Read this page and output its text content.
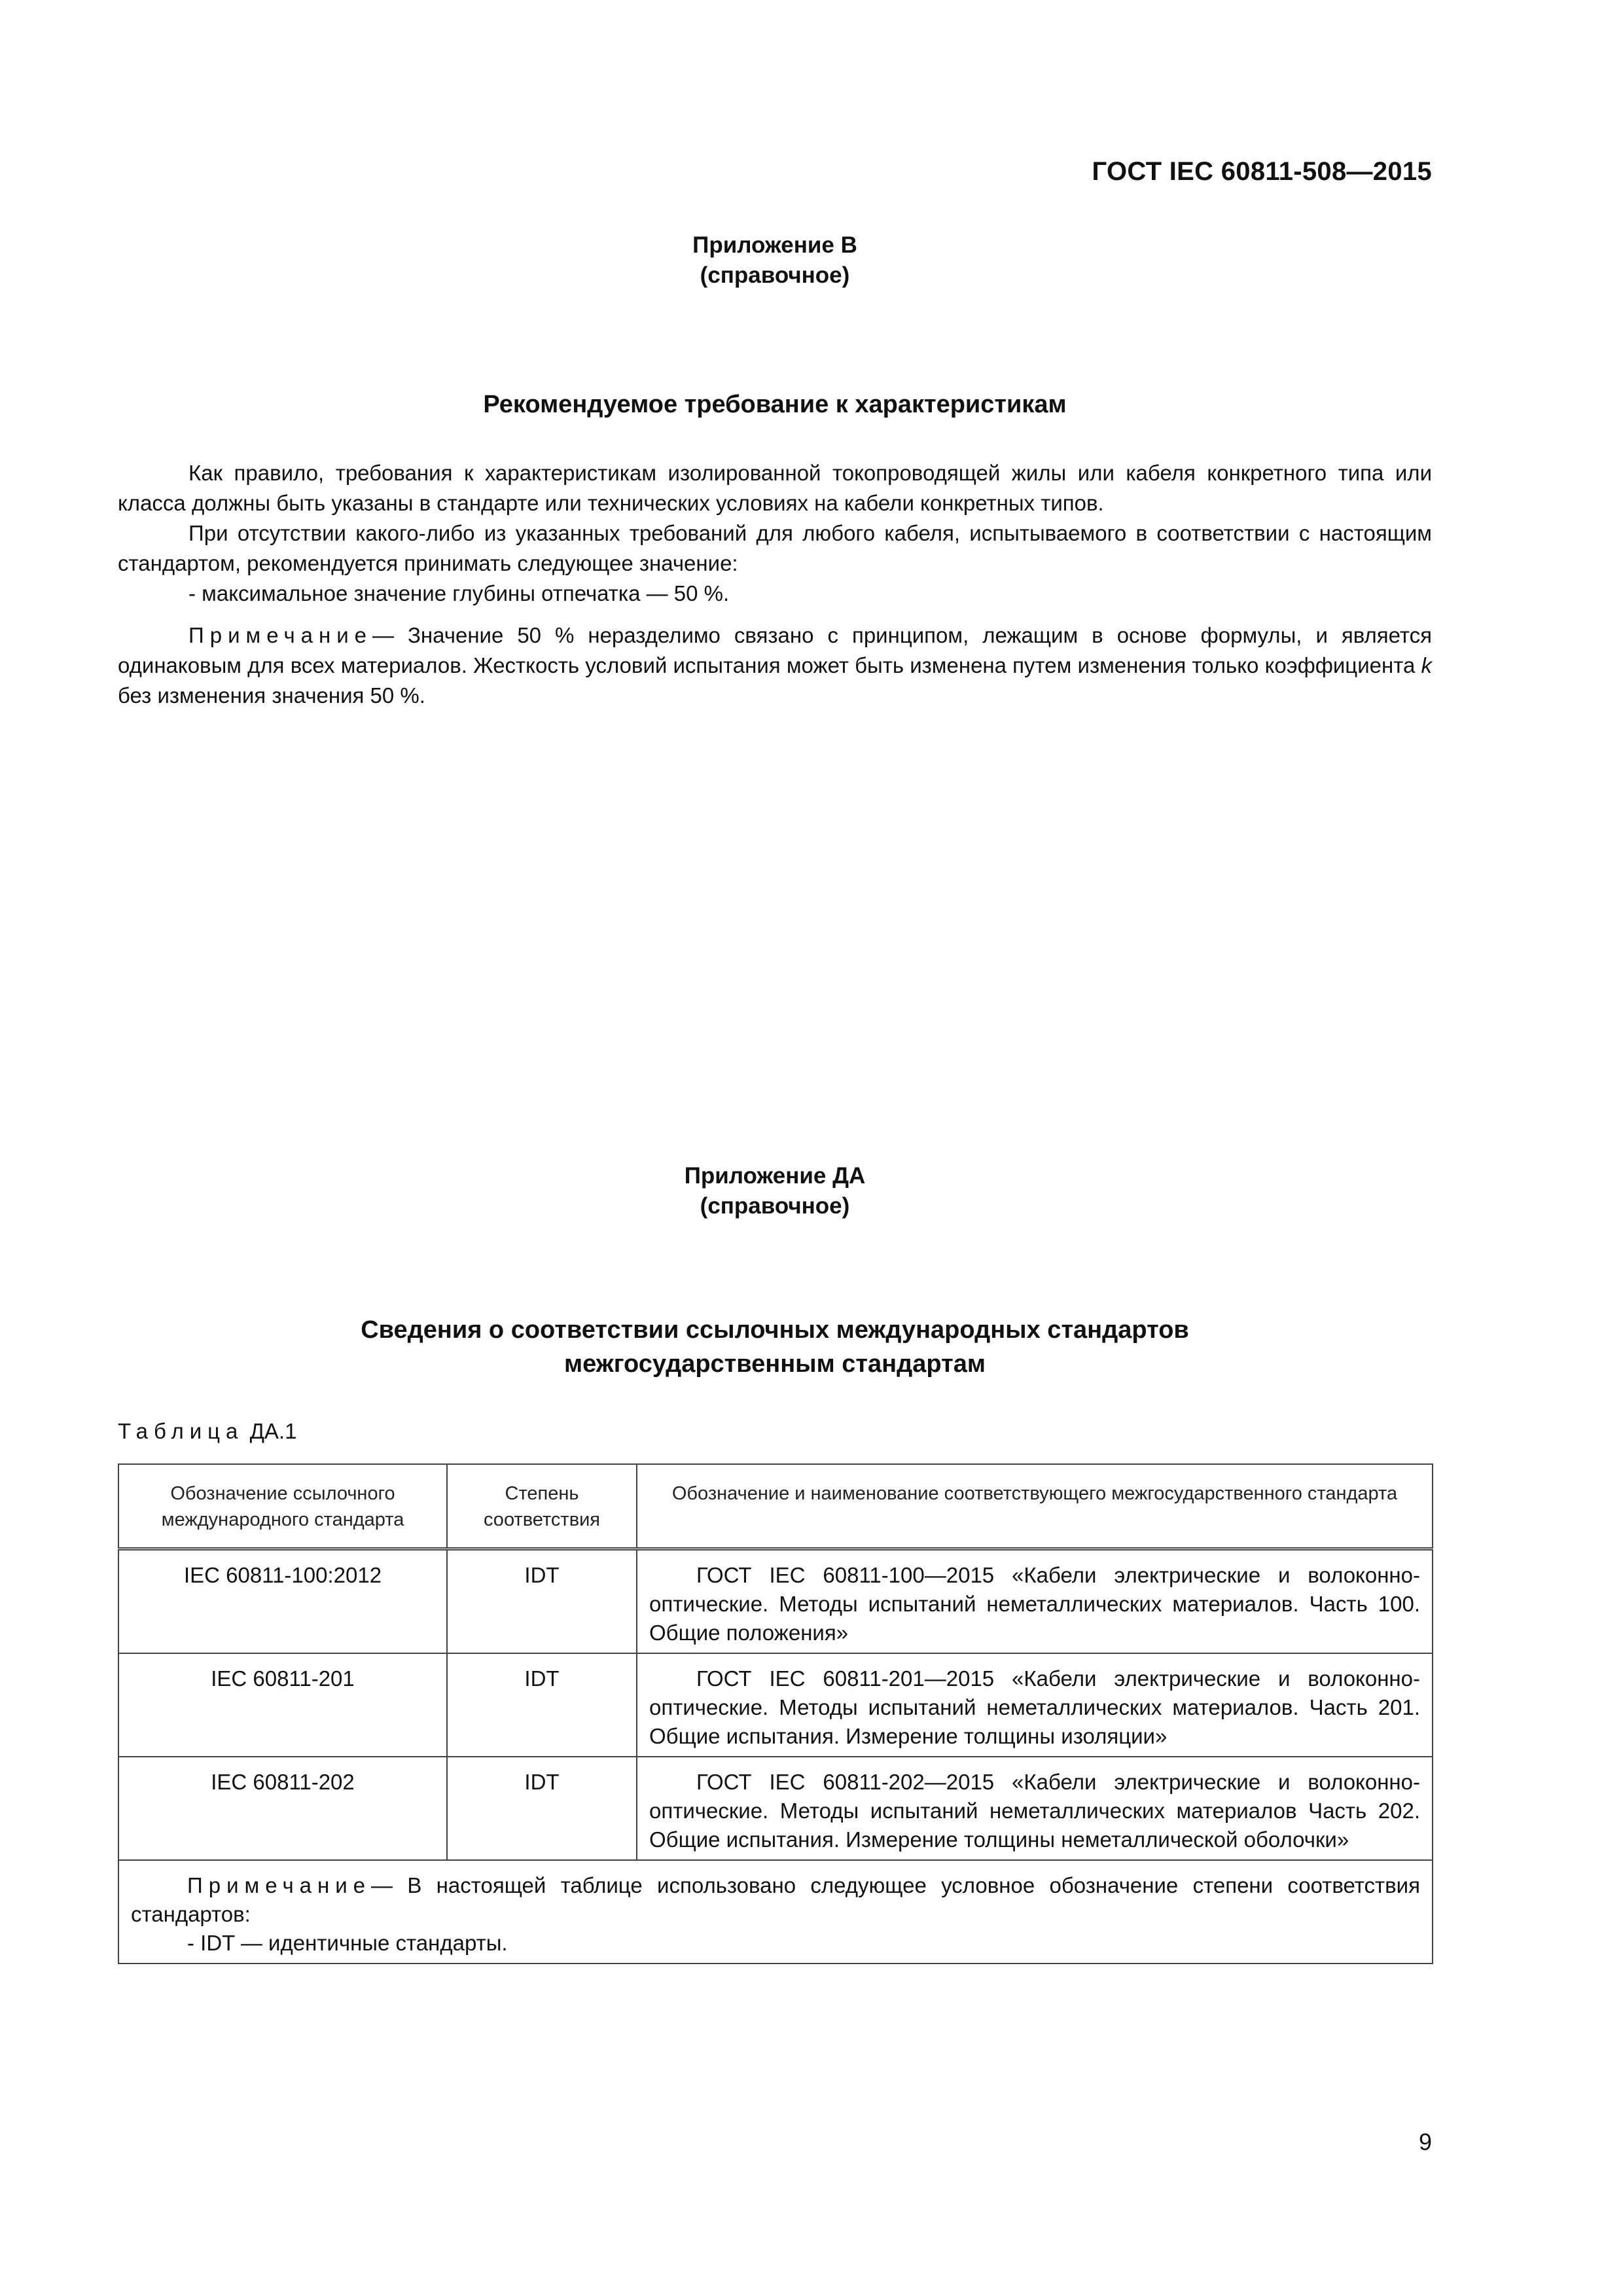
ГОСТ IEC 60811-508—2015
Приложение В
(справочное)
Рекомендуемое требование к характеристикам

Как правило, требования к характеристикам изолированной токопроводящей жилы или кабеля конкретного типа или класса должны быть указаны в стандарте или технических условиях на кабели конкретных типов.

При отсутствии какого-либо из указанных требований для любого кабеля, испытываемого в соответствии с настоящим стандартом, рекомендуется принимать следующее значение:

- максимальное значение глубины отпечатка — 50 %.

Примечание— Значение 50 % неразделимо связано с принципом, лежащим в основе формулы, и является одинаковым для всех материалов. Жесткость условий испытания может быть изменена путем изменения только коэффициента k без изменения значения 50 %.

Приложение ДА
(справочное)
Сведения о соответствии ссылочных международных стандартов
межгосударственным стандартам
Таблица ДА.1
Обозначение ссылочного международного стандарта	Степень соответствия	Обозначение и наименование соответствующего межгосударственного стандарта
IEC 60811-100:2012	IDT	ГОСТ IEC 60811-100—2015 «Кабели электрические и волоконно-оптические. Методы испытаний неметаллических материалов. Часть 100. Общие положения»
IEC 60811-201	IDT	ГОСТ IEC 60811-201—2015 «Кабели электрические и волоконно-оптические. Методы испытаний неметаллических материалов. Часть 201. Общие испытания. Измерение толщины изоляции»
IEC 60811-202	IDT	ГОСТ IEC 60811-202—2015 «Кабели электрические и волоконно-оптические. Методы испытаний неметаллических материалов Часть 202. Общие испытания. Измерение толщины неметаллической оболочки»

Примечание— В настоящей таблице использовано следующее условное обозначение степени соответствия стандартов:
- IDT — идентичные стандарты.		
9
